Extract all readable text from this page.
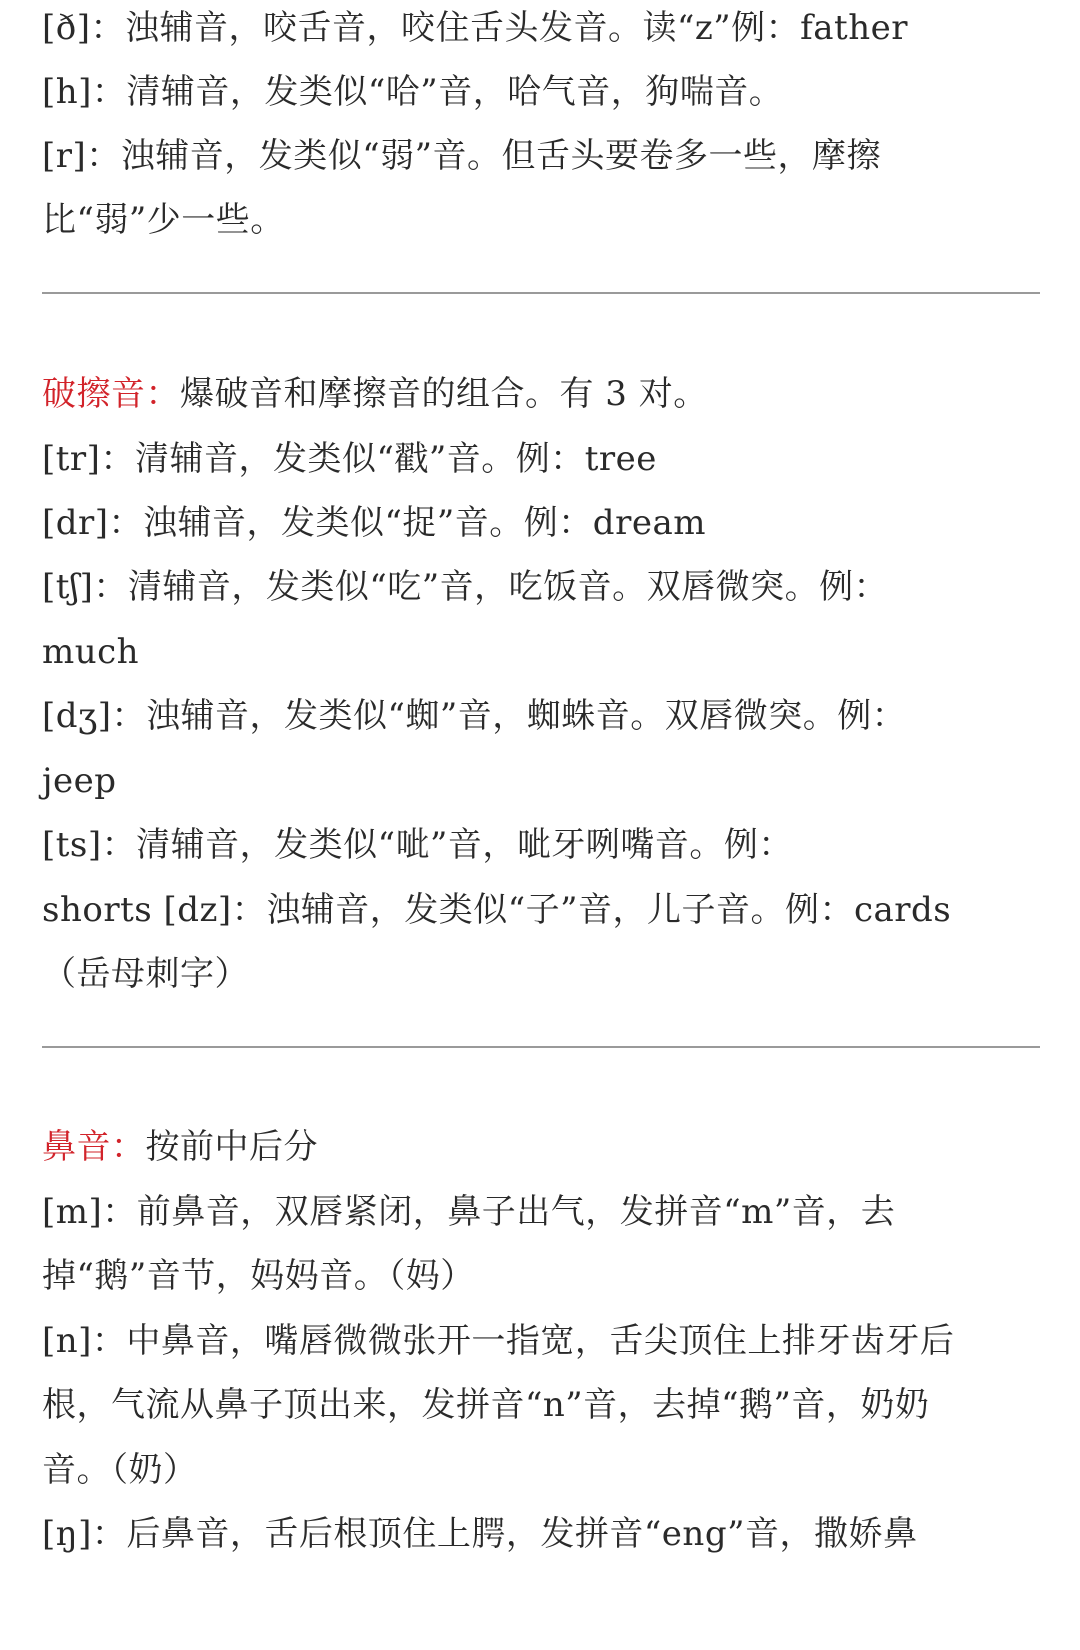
[ð]：浊辅音，咬舌音，咬住舌头发音。读“z”例：father
[h]：清辅音，发类似“哈”音，哈气音，狗喘音。
[r]：浊辅音，发类似“弱”音。但舌头要卷多一些，摩擦
比“弱”少一些。
破擦音：爆破音和摩擦音的组合。有 3 对。
[tr]：清辅音，发类似“戳”音。例：tree
[dr]：浊辅音，发类似“捉”音。例：dream
[tʃ]：清辅音，发类似“吃”音，吃饭音。双唇微突。例：
much
[dʒ]：浊辅音，发类似“蜘”音，蜘蛛音。双唇微突。例：
jeep
[ts]：清辅音，发类似“呲”音，呲牙咧嘴音。例：
shorts [dz]：浊辅音，发类似“子”音，儿子音。例：cards
（岳母刺字）
鼻音：按前中后分
[m]：前鼻音，双唇紧闭，鼻子出气，发拼音“m”音，去
掉“鹅”音节，妈妈音。（妈）
[n]：中鼻音，嘴唇微微张开一指宽，舌尖顶住上排牙齿牙后
根，气流从鼻子顶出来，发拼音“n”音，去掉“鹅”音，奶奶
音。（奶）
[ŋ]：后鼻音，舌后根顶住上腭，发拼音“eng”音，撒娇鼻
